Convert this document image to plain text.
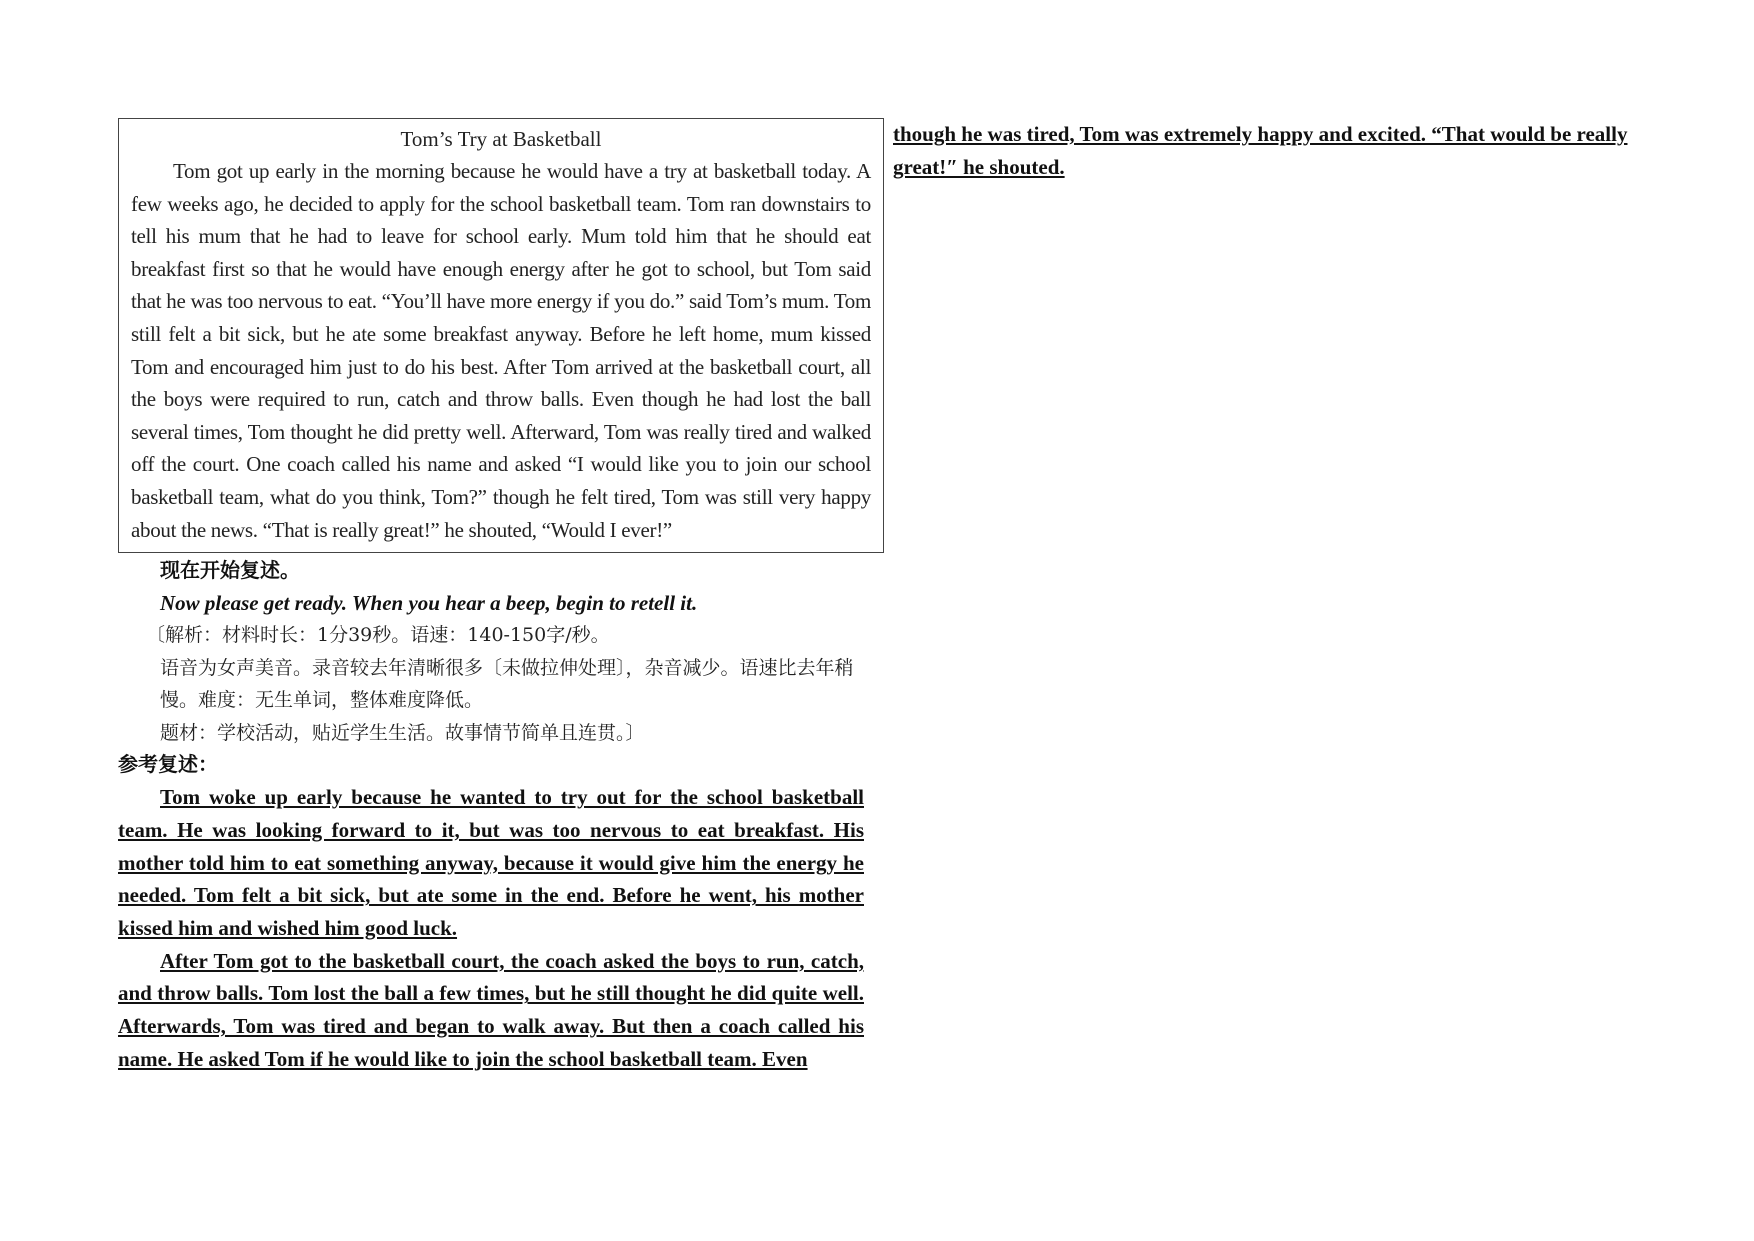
Tom’s Try at Basketball

Tom got up early in the morning because he would have a try at basketball today. A few weeks ago, he decided to apply for the school basketball team. Tom ran downstairs to tell his mum that he had to leave for school early. Mum told him that he should eat breakfast first so that he would have enough energy after he got to school, but Tom said that he was too nervous to eat. “You’ll have more energy if you do.” said Tom’s mum. Tom still felt a bit sick, but he ate some breakfast anyway. Before he left home, mum kissed Tom and encouraged him just to do his best. After Tom arrived at the basketball court, all the boys were required to run, catch and throw balls. Even though he had lost the ball several times, Tom thought he did pretty well. Afterward, Tom was really tired and walked off the court. One coach called his name and asked “I would like you to join our school basketball team, what do you think, Tom?” though he felt tired, Tom was still very happy about the news. “That is really great!” he shouted, “Would I ever!”

现在开始复述。

Now please get ready. When you hear a beep, begin to retell it.

〔解析：材料时长：1分39秒。语速：140-150字/秒。
语音为女声美音。录音较去年清晰很多〔未做拉伸处理〕，杂音减少。语速比去年稍慢。难度：无生单词，整体难度降低。
题材：学校活动，贴近学生生活。故事情节简单且连贯。〕

参考复述：

Tom woke up early because he wanted to try out for the school basketball team. He was looking forward to it, but was too nervous to eat breakfast. His mother told him to eat something anyway, because it would give him the energy he needed. Tom felt a bit sick, but ate some in the end. Before he went, his mother kissed him and wished him good luck.

After Tom got to the basketball court, the coach asked the boys to run, catch, and throw balls. Tom lost the ball a few times, but he still thought he did quite well. Afterwards, Tom was tired and began to walk away. But then a coach called his name. He asked Tom if he would like to join the school basketball team. Even

though he was tired, Tom was extremely happy and excited. “That would be really great!″ he shouted.
